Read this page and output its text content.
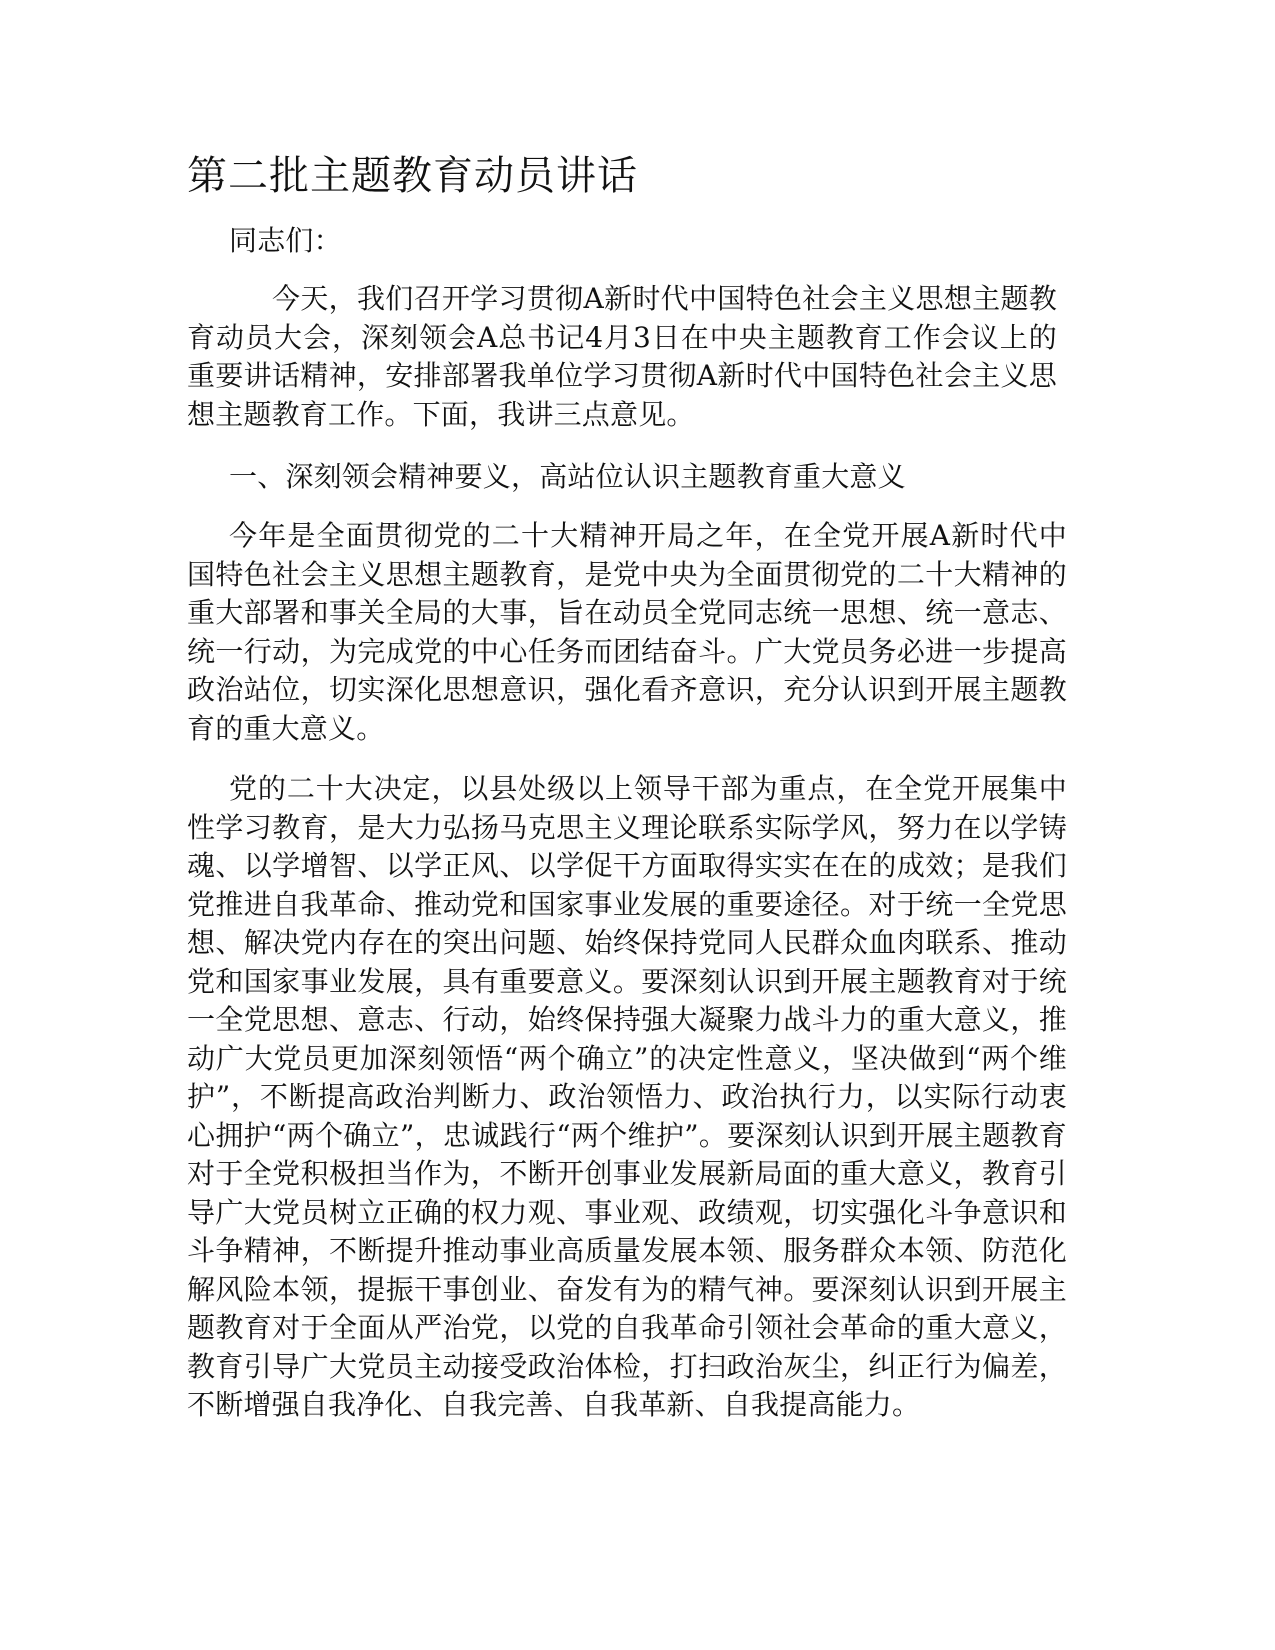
第二批主题教育动员讲话

同志们：

今天，我们召开学习贯彻A新时代中国特色社会主义思想主题教育动员大会，深刻领会A总书记4月3日在中央主题教育工作会议上的重要讲话精神，安排部署我单位学习贯彻A新时代中国特色社会主义思想主题教育工作。下面，我讲三点意见。

一、深刻领会精神要义，高站位认识主题教育重大意义

今年是全面贯彻党的二十大精神开局之年，在全党开展A新时代中国特色社会主义思想主题教育，是党中央为全面贯彻党的二十大精神的重大部署和事关全局的大事，旨在动员全党同志统一思想、统一意志、统一行动，为完成党的中心任务而团结奋斗。广大党员务必进一步提高政治站位，切实深化思想意识，强化看齐意识，充分认识到开展主题教育的重大意义。

党的二十大决定，以县处级以上领导干部为重点，在全党开展集中性学习教育，是大力弘扬马克思主义理论联系实际学风，努力在以学铸魂、以学增智、以学正风、以学促干方面取得实实在在的成效；是我们党推进自我革命、推动党和国家事业发展的重要途径。对于统一全党思想、解决党内存在的突出问题、始终保持党同人民群众血肉联系、推动党和国家事业发展，具有重要意义。要深刻认识到开展主题教育对于统一全党思想、意志、行动，始终保持强大凝聚力战斗力的重大意义，推动广大党员更加深刻领悟“两个确立”的决定性意义，坚决做到“两个维护”，不断提高政治判断力、政治领悟力、政治执行力，以实际行动衷心拥护“两个确立”，忠诚践行“两个维护”。要深刻认识到开展主题教育对于全党积极担当作为，不断开创事业发展新局面的重大意义，教育引导广大党员树立正确的权力观、事业观、政绩观，切实强化斗争意识和斗争精神，不断提升推动事业高质量发展本领、服务群众本领、防范化解风险本领，提振干事创业、奋发有为的精气神。要深刻认识到开展主题教育对于全面从严治党，以党的自我革命引领社会革命的重大意义，教育引导广大党员主动接受政治体检，打扫政治灰尘，纠正行为偏差，不断增强自我净化、自我完善、自我革新、自我提高能力。
